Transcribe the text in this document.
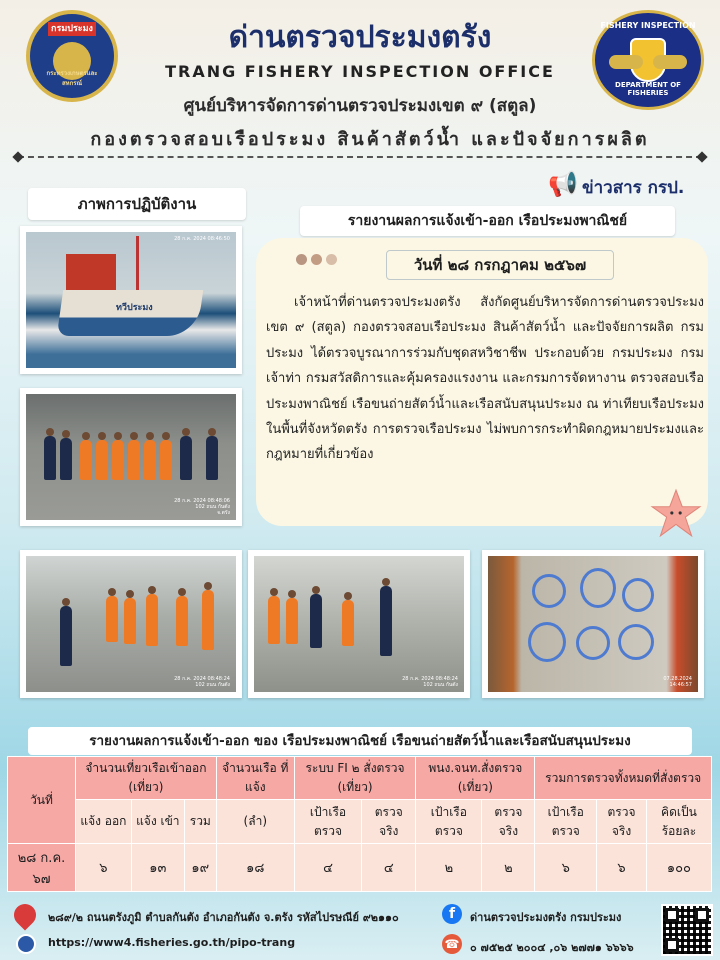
กรมประมง
กระทรวงเกษตรและสหกรณ์
ด่านตรวจประมงตรัง
TRANG FISHERY INSPECTION OFFICE
ศูนย์บริหารจัดการด่านตรวจประมงเขต ๙ (สตูล)
กองตรวจสอบเรือประมง สินค้าสัตว์น้ำ และปัจจัยการผลิต
FISHERY INSPECTION
DEPARTMENT OF FISHERIES
📢 ข่าวสาร กรป.
ภาพการปฏิบัติงาน
รายงานผลการแจ้งเข้า-ออก เรือประมงพาณิชย์
ทวีประมง
28 ก.ค. 2024 08:46:50
28 ก.ค. 2024 08:48:06
102 ถนน กันตัง
จ.ตรัง
28 ก.ค. 2024 08:48:24
102 ถนน กันตัง
28 ก.ค. 2024 08:48:24
102 ถนน กันตัง
07.28.2024
14:46:57
วันที่ ๒๘ กรกฎาคม ๒๕๖๗
เจ้าหน้าที่ด่านตรวจประมงตรัง สังกัดศูนย์บริหารจัดการด่านตรวจประมง เขต ๙ (สตูล) กองตรวจสอบเรือประมง สินค้าสัตว์น้ำ และปัจจัยการผลิต กรมประมง ได้ตรวจบูรณาการร่วมกับชุดสหวิชาชีพ ประกอบด้วย กรมประมง กรมเจ้าท่า กรมสวัสดิการและคุ้มครองแรงงาน และกรมการจัดหางาน ตรวจสอบเรือประมงพาณิชย์ เรือขนถ่ายสัตว์น้ำและเรือสนับสนุนประมง ณ ท่าเทียบเรือประมงในพื้นที่จังหวัดตรัง การตรวจเรือประมง ไม่พบการกระทำผิดกฎหมายประมงและกฎหมายที่เกี่ยวข้อง
รายงานผลการแจ้งเข้า-ออก ของ เรือประมงพาณิชย์ เรือขนถ่ายสัตว์น้ำและเรือสนับสนุนประมง
วันที่	จำนวนเที่ยวเรือเข้าออก (เที่ยว)			จำนวนเรือ ที่แจ้ง	ระบบ FI ๒ สั่งตรวจ (เที่ยว)		พนง.จนท.สั่งตรวจ (เที่ยว)		รวมการตรวจทั้งหมดที่สั่งตรวจ		
	แจ้ง ออก	แจ้ง เข้า	รวม	(ลำ)	เป้าเรือ ตรวจ	ตรวจ จริง	เป้าเรือ ตรวจ	ตรวจ จริง	เป้าเรือ ตรวจ	ตรวจ จริง	คิดเป็น ร้อยละ
๒๘ ก.ค. ๖๗	๖	๑๓	๑๙	๑๘	๔	๔	๒	๒	๖	๖	๑๐๐
๒๘๙/๒ ถนนตรังภูมิ ตำบลกันตัง อำเภอกันตัง จ.ตรัง รหัสไปรษณีย์ ๙๒๑๑๐
https://www4.fisheries.go.th/pipo-trang
f	ด่านตรวจประมงตรัง กรมประมง
☎ ๐ ๗๕๒๕ ๒๐๐๔ ,๐๖ ๒๗๗๑ ๖๖๖๖
